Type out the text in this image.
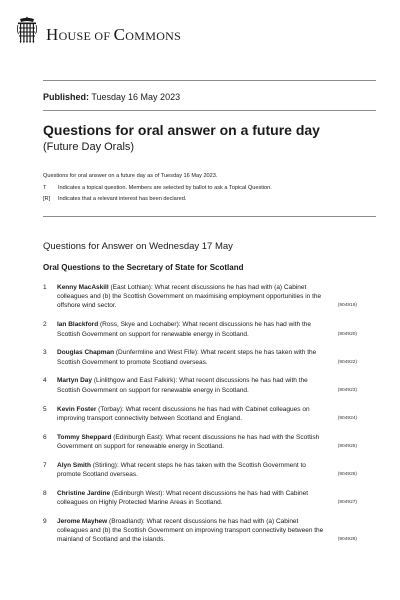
HOUSE OF COMMONS
Published: Tuesday 16 May 2023
Questions for oral answer on a future day
(Future Day Orals)
Questions for oral answer on a future day as of Tuesday 16 May 2023.
T	Indicates a topical question. Members are selected by ballot to ask a Topical Question.
[R]	Indicates that a relevant interest has been declared.
Questions for Answer on Wednesday 17 May
Oral Questions to the Secretary of State for Scotland
1 Kenny MacAskill (East Lothian): What recent discussions he has had with (a) Cabinet colleagues and (b) the Scottish Government on maximising employment opportunities in the offshore wind sector.	(904919)
2 Ian Blackford (Ross, Skye and Lochaber): What recent discussions he has had with the Scottish Government on support for renewable energy in Scotland.	(904920)
3 Douglas Chapman (Dunfermline and West Fife): What recent steps he has taken with the Scottish Government to promote Scotland overseas.	(904922)
4 Martyn Day (Linlithgow and East Falkirk): What recent discussions he has had with the Scottish Government on support for renewable energy in Scotland.	(904923)
5 Kevin Foster (Torbay): What recent discussions he has had with Cabinet colleagues on improving transport connectivity between Scotland and England.	(904924)
6 Tommy Sheppard (Edinburgh East): What recent discussions he has had with the Scottish Government on support for renewable energy in Scotland.	(904925)
7 Alyn Smith (Stirling): What recent steps he has taken with the Scottish Government to promote Scotland overseas.	(904926)
8 Christine Jardine (Edinburgh West): What recent discussions he has had with Cabinet colleagues on Highly Protected Marine Areas in Scotland.	(904927)
9 Jerome Mayhew (Broadland): What recent discussions he has had with (a) Cabinet colleagues and (b) the Scottish Government on improving transport connectivity between the mainland of Scotland and the islands.	(904928)
